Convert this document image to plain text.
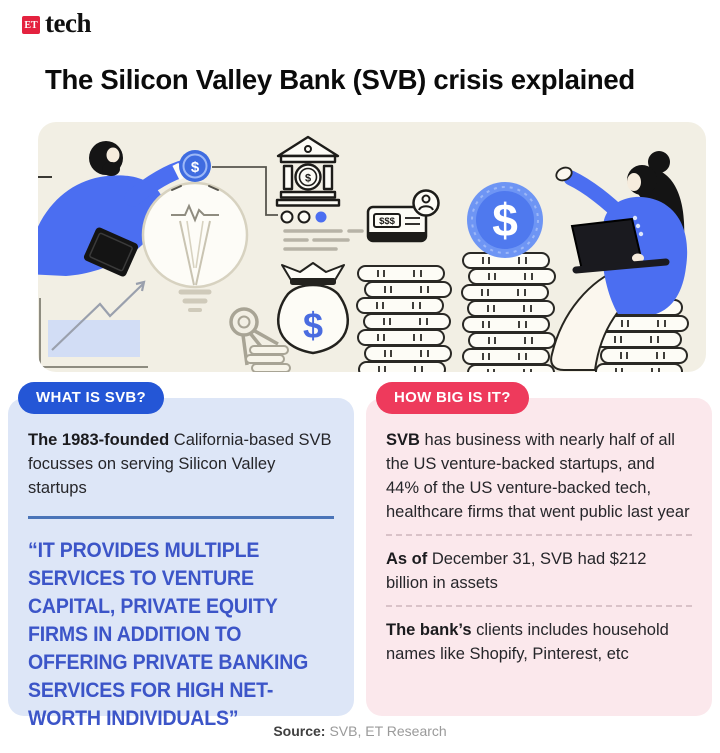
ET tech
The Silicon Valley Bank (SVB) crisis explained
$
$
$
$$$ $
WHAT IS SVB?

The 1983-founded California-based SVB focusses on serving Silicon Valley startups

“IT PROVIDES MULTIPLE SERVICES TO VENTURE CAPITAL, PRIVATE EQUITY FIRMS IN ADDITION TO OFFERING PRIVATE BANKING SERVICES FOR HIGH NET-WORTH INDIVIDUALS”

HOW BIG IS IT?

SVB has business with nearly half of all the US venture-backed startups, and 44% of the US venture-backed tech, healthcare firms that went public last year

As of December 31, SVB had $212 billion in assets

The bank’s clients includes household names like Shopify, Pinterest, etc

Source: SVB, ET Research
